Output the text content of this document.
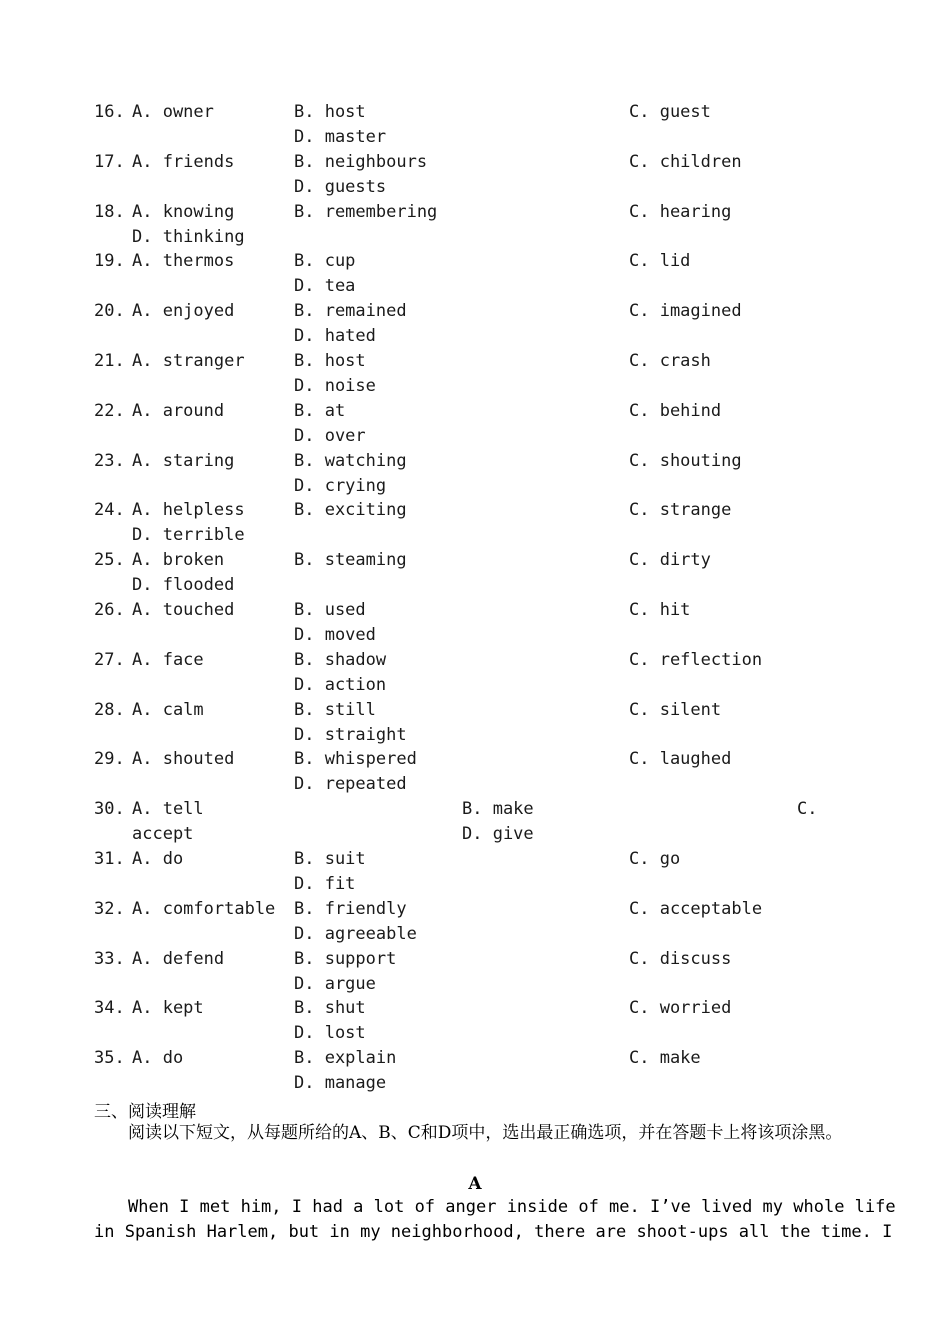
16. A. owner	B. host	C. guest
D. master
17. A. friends	B. neighbours	C. children
D. guests
18. A. knowing	B. remembering	C. hearing
D. thinking
19. A. thermos	B. cup	C. lid
D. tea
20. A. enjoyed	B. remained	C. imagined
D. hated
21. A. stranger	B. host	C. crash
D. noise
22. A. around	B. at	C. behind
D. over
23. A. staring	B. watching	C. shouting
D. crying
24. A. helpless	B. exciting	C. strange
D. terrible
25. A. broken	B. steaming	C. dirty
D. flooded
26. A. touched	B. used	C. hit
D. moved
27. A. face	B. shadow	C. reflection
D. action
28. A. calm	B. still	C. silent
D. straight
29. A. shouted	B. whispered	C. laughed
D. repeated
30. A. tell	B. make	C.
accept	D. give
31. A. do	B. suit	C. go
D. fit
32. A. comfortable B. friendly	C. acceptable
D. agreeable
33. A. defend	B. support	C. discuss
D. argue
34. A. kept	B. shut	C. worried
D. lost
35. A. do	B. explain	C. make
D. manage
三、阅读理解
阅读以下短文，从每题所给的A、B、C和D项中，选出最正确选项，并在答题卡上将该项涂黑。
A
When I met him, I had a lot of anger inside of me. I’ve lived my whole life
in Spanish Harlem, but in my neighborhood, there are shoot-ups all the time. I
